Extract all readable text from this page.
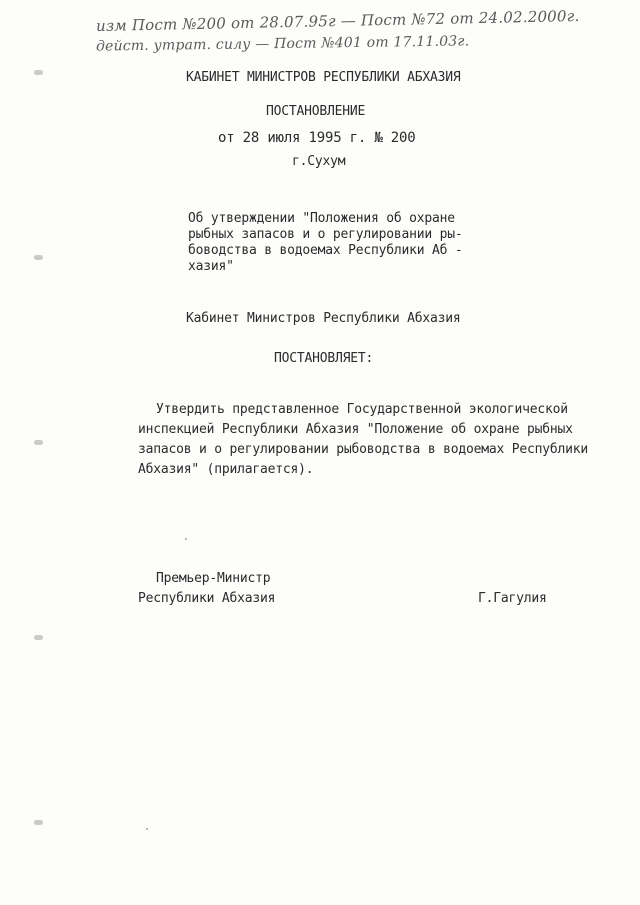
изм Пост №200 от 28.07.95г — Пост №72 от 24.02.2000г.
дейст. утрат. силу — Пост №401 от 17.11.03г.
КАБИНЕТ МИНИСТРОВ РЕСПУБЛИКИ АБХАЗИЯ
ПОСТАНОВЛЕНИЕ
от 28 июля 1995 г. № 200
г.Сухум
Об утверждении "Положения об охране
рыбных запасов и о регулировании ры-
боводства в водоемах Республики Аб -
хазия"
Кабинет Министров Республики Абхазия
ПОСТАНОВЛЯЕТ:
Утвердить представленное Государственной экологической
инспекцией Республики Абхазия "Положение об охране рыбных
запасов и о регулировании рыбоводства в водоемах Республики
Абхазия" (прилагается).
Премьер-Министр
Республики Абхазия	Г.Гагулия
